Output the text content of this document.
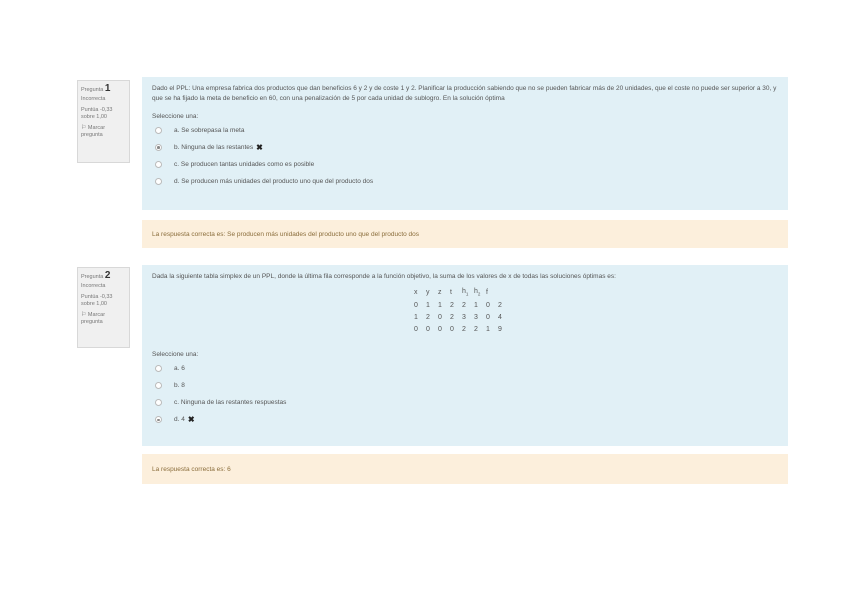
Pregunta 1
Incorrecta
Puntúa -0,33
sobre 1,00
⚐ Marcar
pregunta

Dado el PPL: Una empresa fabrica dos productos que dan beneficios 6 y 2 y de coste 1 y 2. Planificar la producción sabiendo que no se pueden fabricar más de 20 unidades, que el coste no puede ser superior a 30, y que se ha fijado la meta de beneficio en 60, con una penalización de 5 por cada unidad de sublogro. En la solución óptima

Seleccione una:
a. Se sobrepasa la meta
b. Ninguna de las restantes ✖
c. Se producen tantas unidades como es posible
d. Se producen más unidades del producto uno que del producto dos
La respuesta correcta es: Se producen más unidades del producto uno que del producto dos
Pregunta 2
Incorrecta
Puntúa -0,33
sobre 1,00
⚐ Marcar
pregunta

Dada la siguiente tabla simplex de un PPL, donde la última fila corresponde a la función objetivo, la suma de los valores de x de todas las soluciones óptimas es:

x	y	z	t	$h_1$	$h_2$	f	
0	1	1	2	2	1	0	2
1	2	0	2	3	3	0	4
0	0	0	0	2	2	1	9
Seleccione una:
a. 6
b. 8
c. Ninguna de las restantes respuestas
d. 4 ✖
La respuesta correcta es: 6
